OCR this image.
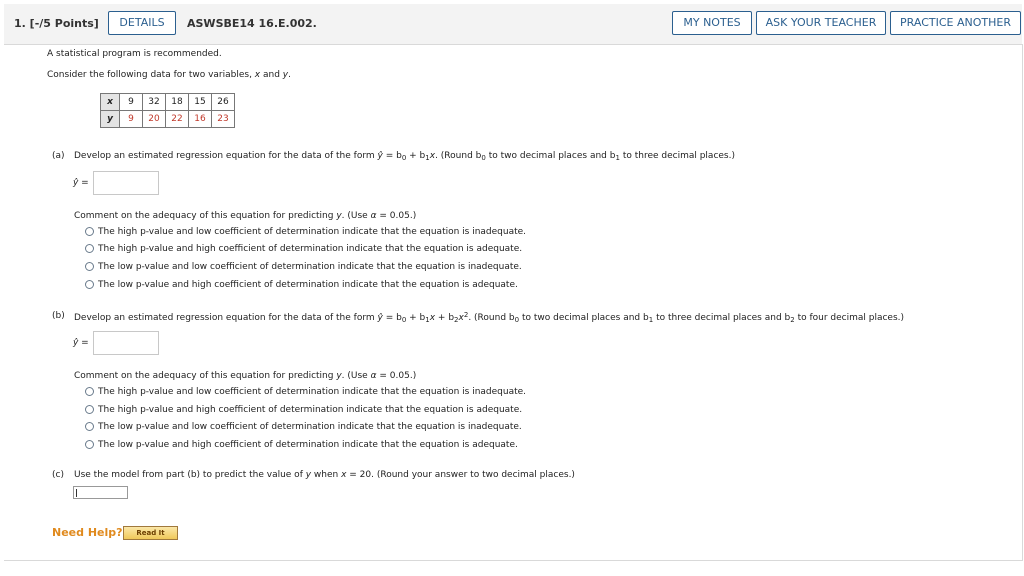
1. [-/5 Points]	DETAILS	ASWSBE14 16.E.002.	MY NOTES	ASK YOUR TEACHER	PRACTICE ANOTHER
A statistical program is recommended.
Consider the following data for two variables, x and y.
x	9	32	18	15	26
y	9	20	22	16	23
(a) Develop an estimated regression equation for the data of the form ŷ = $b_0 + b_1x$. (Round $b_0$ to two decimal places and $b_1$ to three decimal places.)
ŷ =
Comment on the adequacy of this equation for predicting y. (Use α = 0.05.)
The high p-value and low coefficient of determination indicate that the equation is inadequate.
The high p-value and high coefficient of determination indicate that the equation is adequate.
The low p-value and low coefficient of determination indicate that the equation is inadequate.
The low p-value and high coefficient of determination indicate that the equation is adequate.
(b) Develop an estimated regression equation for the data of the form ŷ = $b_0 + b_1x + b_2x^2$. (Round $b_0$ to two decimal places and $b_1$ to three decimal places and $b_2$ to four decimal places.)
ŷ =
Comment on the adequacy of this equation for predicting y. (Use α = 0.05.)
The high p-value and low coefficient of determination indicate that the equation is inadequate.
The high p-value and high coefficient of determination indicate that the equation is adequate.
The low p-value and low coefficient of determination indicate that the equation is inadequate.
The low p-value and high coefficient of determination indicate that the equation is adequate.
(c) Use the model from part (b) to predict the value of y when x = 20. (Round your answer to two decimal places.)
Need Help?	Read It
